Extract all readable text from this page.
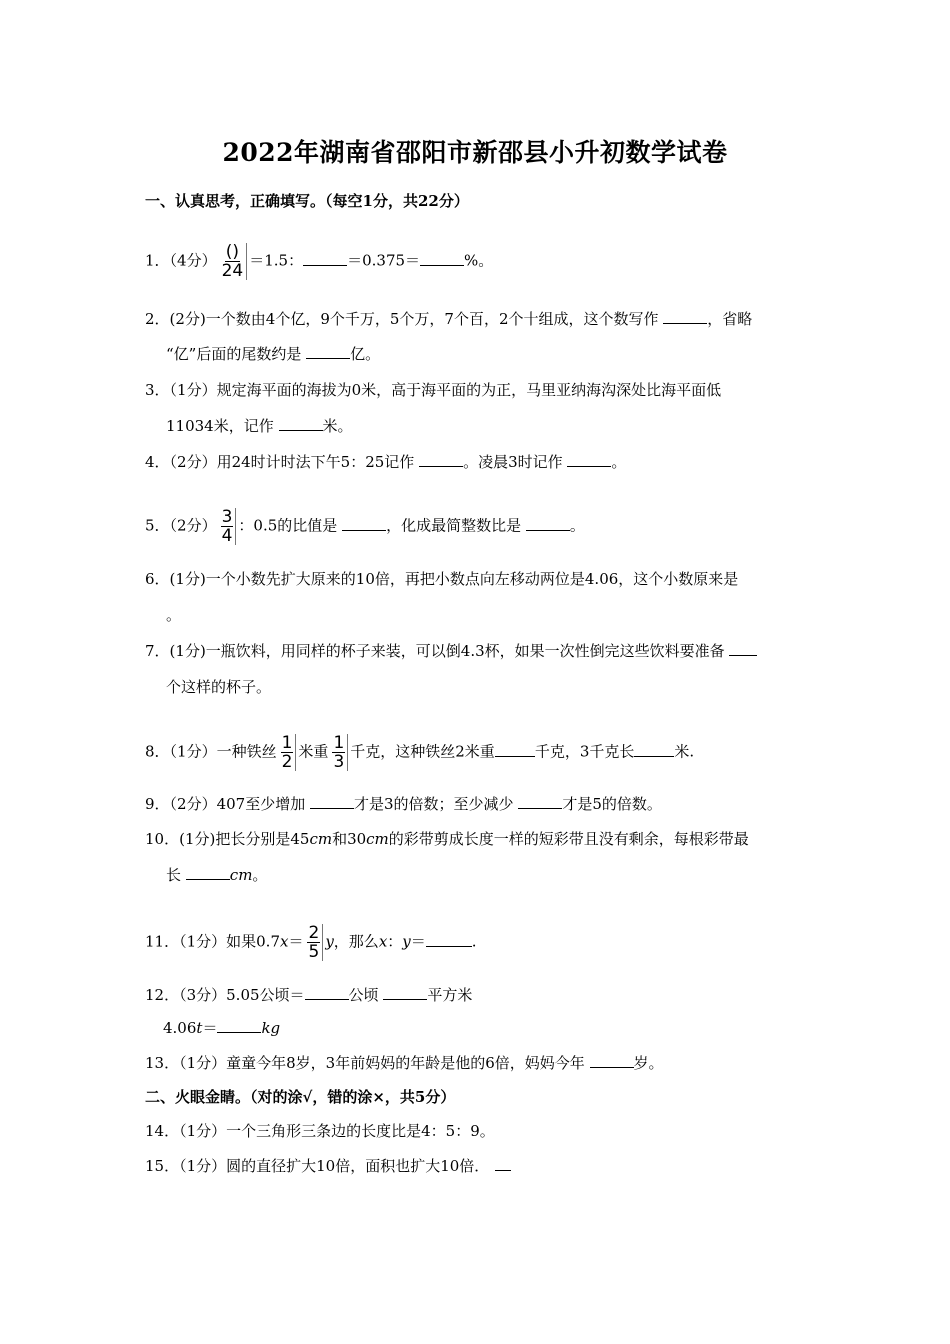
2022年湖南省邵阳市新邵县小升初数学试卷
一、认真思考，正确填写。（每空1分，共22分）
1．（4分） $\frac{()}{24} =1.5$：	＝0.375＝	%。
2．(2分)一个数由4个亿，9个千万，5个万，7个百，2个十组成，这个数写作	，省略
“亿”后面的尾数约是	亿。
3．（1分）规定海平面的海拔为0米，高于海平面的为正，马里亚纳海沟深处比海平面低
11034米，记作	米。
4．（2分）用24时计时法下午5：25记作	。凌晨3时记作	。
5．（2分） $\frac{3}{4}$ ：0.5的比值是	，化成最简整数比是	。
6．(1分)一个小数先扩大原来的10倍，再把小数点向左移动两位是4.06，这个小数原来是
。
7．(1分)一瓶饮料，用同样的杯子来装，可以倒4.3杯，如果一次性倒完这些饮料要准备
个这样的杯子。
8．（1分）一种铁丝 $\frac{1}{2}$ 米重 $\frac{1}{3}$ 千克，这种铁丝2米重	千克，3千克长	米.
9．（2分）407至少增加	才是3的倍数；至少减少	才是5的倍数。
10．(1分)把长分别是45cm和30cm的彩带剪成长度一样的短彩带且没有剩余，每根彩带最
长	cm。
11．（1分）如果$0.7x= \frac{2}{5}$ y，那么x：y＝	.
12．（3分）5.05公顷＝	公顷	平方米
4.06t＝	kg
13．（1分）童童今年8岁，3年前妈妈的年龄是他的6倍，妈妈今年	岁。
二、火眼金睛。（对的涂√，错的涂×，共5分）
14．（1分）一个三角形三条边的长度比是4：5：9。
15．（1分）圆的直径扩大10倍，面积也扩大10倍．
